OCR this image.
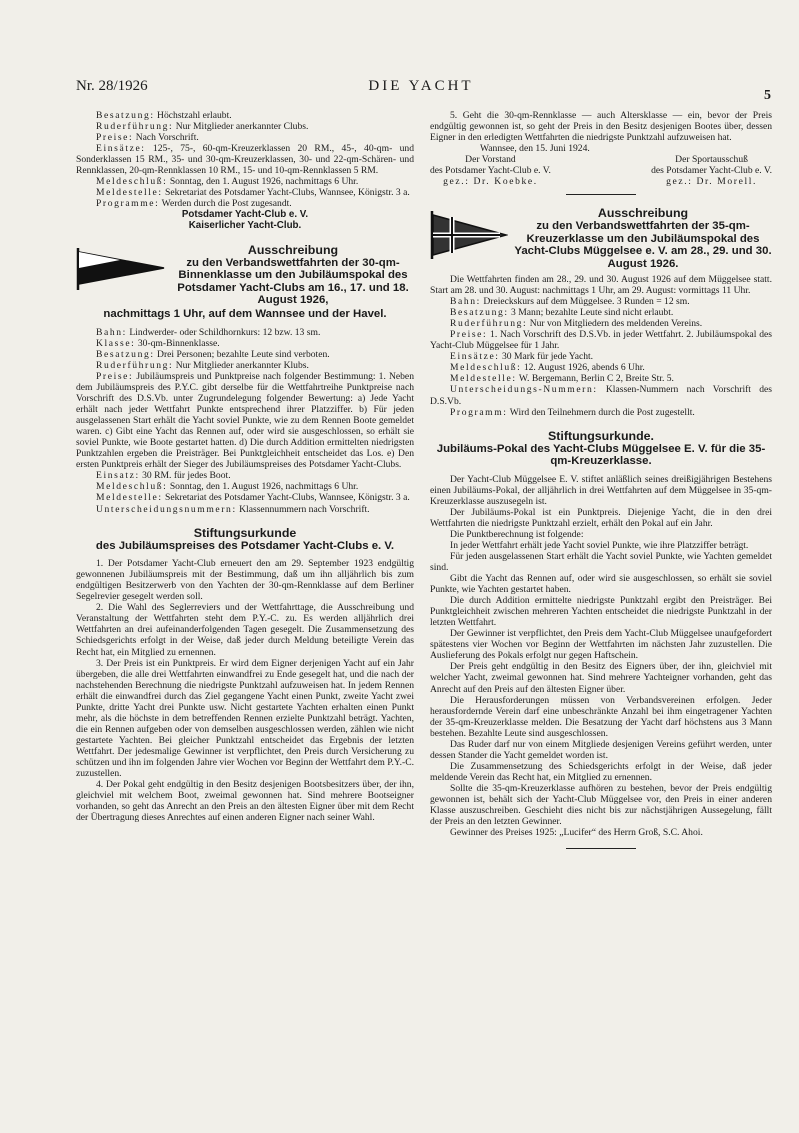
Nr. 28/1926	DIE YACHT
5

Besatzung: Höchstzahl erlaubt.

Ruderführung: Nur Mitglieder anerkannter Clubs.

Preise: Nach Vorschrift.

Einsätze: 125-, 75-, 60-qm-Kreuzerklassen 20 RM., 45-, 40-qm- und Sonderklassen 15 RM., 35- und 30-qm-Kreuzerklassen, 30- und 22-qm-Schären- und Rennklassen, 20-qm-Rennklassen 10 RM., 15- und 10-qm-Rennklassen 5 RM.

Meldeschluß: Sonntag, den 1. August 1926, nachmittags 6 Uhr.

Meldestelle: Sekretariat des Potsdamer Yacht-Clubs, Wannsee, Königstr. 3 a.

Programme: Werden durch die Post zugesandt.

Potsdamer Yacht-Club e. V.

Kaiserlicher Yacht-Club.

Ausschreibung

zu den Verbandswettfahrten der 30-qm-Binnenklasse um den Jubiläumspokal des Potsdamer Yacht-Clubs am 16., 17. und 18. August 1926,

nachmittags 1 Uhr, auf dem Wannsee und der Havel.

Bahn: Lindwerder- oder Schildhornkurs: 12 bzw. 13 sm.

Klasse: 30-qm-Binnenklasse.

Besatzung: Drei Personen; bezahlte Leute sind verboten.

Ruderführung: Nur Mitglieder anerkannter Klubs.

Preise: Jubiläumspreis und Punktpreise nach folgender Bestimmung: 1. Neben dem Jubiläumspreis des P.Y.C. gibt derselbe für die Wettfahrtreihe Punktpreise nach Vorschrift des D.S.Vb. unter Zugrundelegung folgender Bewertung: a) Jede Yacht erhält nach jeder Wettfahrt Punkte entsprechend ihrer Platzziffer. b) Für jeden ausgelassenen Start erhält die Yacht soviel Punkte, wie zu dem Rennen Boote gemeldet waren. c) Gibt eine Yacht das Rennen auf, oder wird sie ausgeschlossen, so erhält sie soviel Punkte, wie Boote gestartet hatten. d) Die durch Addition ermittelten niedrigsten Punktzahlen ergeben die Preisträger. Bei Punktgleichheit entscheidet das Los. e) Den ersten Punktpreis erhält der Sieger des Jubiläumspreises des Potsdamer Yacht-Clubs.

Einsatz: 30 RM. für jedes Boot.

Meldeschluß: Sonntag, den 1. August 1926, nachmittags 6 Uhr.

Meldestelle: Sekretariat des Potsdamer Yacht-Clubs, Wannsee, Königstr. 3 a.

Unterscheidungsnummern: Klassennummern nach Vorschrift.

Stiftungsurkunde

des Jubiläumspreises des Potsdamer Yacht-Clubs e. V.

1. Der Potsdamer Yacht-Club erneuert den am 29. September 1923 endgültig gewonnenen Jubiläumspreis mit der Bestimmung, daß um ihn alljährlich bis zum endgültigen Besitzerwerb von den Yachten der 30-qm-Rennklasse auf dem Berliner Segelrevier gesegelt werden soll.

2. Die Wahl des Seglerreviers und der Wettfahrttage, die Ausschreibung und Veranstaltung der Wettfahrten steht dem P.Y.-C. zu. Es werden alljährlich drei Wettfahrten an drei aufeinanderfolgenden Tagen gesegelt. Die Zusammensetzung des Schiedsgerichts erfolgt in der Weise, daß jeder durch Meldung beteiligte Verein das Recht hat, ein Mitglied zu ernennen.

3. Der Preis ist ein Punktpreis. Er wird dem Eigner derjenigen Yacht auf ein Jahr übergeben, die alle drei Wettfahrten einwandfrei zu Ende gesegelt hat, und die nach der nachstehenden Berechnung die niedrigste Punktzahl aufzuweisen hat. In jedem Rennen erhält die einwandfrei durch das Ziel gegangene Yacht einen Punkt, zweite Yacht zwei Punkte, dritte Yacht drei Punkte usw. Nicht gestartete Yachten erhalten einen Punkt mehr, als die höchste in dem betreffenden Rennen erzielte Punktzahl beträgt. Yachten, die ein Rennen aufgeben oder von demselben ausgeschlossen werden, zählen wie nicht gestartete Yachten. Bei gleicher Punktzahl entscheidet das Ergebnis der letzten Wettfahrt. Der jedesmalige Gewinner ist verpflichtet, den Preis durch Versicherung zu schützen und ihn im folgenden Jahre vier Wochen vor Beginn der Wettfahrt dem P.Y.-C. zuzustellen.

4. Der Pokal geht endgültig in den Besitz desjenigen Bootsbesitzers über, der ihn, gleichviel mit welchem Boot, zweimal gewonnen hat. Sind mehrere Bootseigner vorhanden, so geht das Anrecht an den Preis an den ältesten Eigner über mit dem Recht der Übertragung dieses Anrechtes auf einen anderen Eigner nach seiner Wahl.

5. Geht die 30-qm-Rennklasse — auch Altersklasse — ein, bevor der Preis endgültig gewonnen ist, so geht der Preis in den Besitz desjenigen Bootes über, dessen Eigner in den erledigten Wettfahrten die niedrigste Punktzahl aufzuweisen hat.

Wannsee, den 15. Juni 1924.

Der Vorstand
des Potsdamer Yacht-Club e. V.
gez.: Dr. Koebke.
Der Sportausschuß
des Potsdamer Yacht-Club e. V.
gez.: Dr. Morell.

Ausschreibung

zu den Verbandswettfahrten der 35-qm-Kreuzerklasse um den Jubiläumspokal des Yacht-Clubs Müggelsee e. V. am 28., 29. und 30. August 1926.

Die Wettfahrten finden am 28., 29. und 30. August 1926 auf dem Müggelsee statt. Start am 28. und 30. August: nachmittags 1 Uhr, am 29. August: vormittags 11 Uhr.

Bahn: Dreieckskurs auf dem Müggelsee. 3 Runden = 12 sm.

Besatzung: 3 Mann; bezahlte Leute sind nicht erlaubt.

Ruderführung: Nur von Mitgliedern des meldenden Vereins.

Preise: 1. Nach Vorschrift des D.S.Vb. in jeder Wettfahrt. 2. Jubiläumspokal des Yacht-Club Müggelsee für 1 Jahr.

Einsätze: 30 Mark für jede Yacht.

Meldeschluß: 12. August 1926, abends 6 Uhr.

Meldestelle: W. Bergemann, Berlin C 2, Breite Str. 5.

Unterscheidungs-Nummern: Klassen-Nummern nach Vorschrift des D.S.Vb.

Programm: Wird den Teilnehmern durch die Post zugestellt.

Stiftungsurkunde.

Jubiläums-Pokal des Yacht-Clubs Müggelsee E. V. für die 35-qm-Kreuzerklasse.

Der Yacht-Club Müggelsee E. V. stiftet anläßlich seines dreißigjährigen Bestehens einen Jubiläums-Pokal, der alljährlich in drei Wettfahrten auf dem Müggelsee in 35-qm-Kreuzerklasse auszusegeln ist.

Der Jubiläums-Pokal ist ein Punktpreis. Diejenige Yacht, die in den drei Wettfahrten die niedrigste Punktzahl erzielt, erhält den Pokal auf ein Jahr.

Die Punktberechnung ist folgende:

In jeder Wettfahrt erhält jede Yacht soviel Punkte, wie ihre Platzziffer beträgt.

Für jeden ausgelassenen Start erhält die Yacht soviel Punkte, wie Yachten gemeldet sind.

Gibt die Yacht das Rennen auf, oder wird sie ausgeschlossen, so erhält sie soviel Punkte, wie Yachten gestartet haben.

Die durch Addition ermittelte niedrigste Punktzahl ergibt den Preisträger. Bei Punktgleichheit zwischen mehreren Yachten entscheidet die niedrigste Punktzahl in der letzten Wettfahrt.

Der Gewinner ist verpflichtet, den Preis dem Yacht-Club Müggelsee unaufgefordert spätestens vier Wochen vor Beginn der Wettfahrten im nächsten Jahr zuzustellen. Die Auslieferung des Pokals erfolgt nur gegen Haftschein.

Der Preis geht endgültig in den Besitz des Eigners über, der ihn, gleichviel mit welcher Yacht, zweimal gewonnen hat. Sind mehrere Yachteigner vorhanden, geht das Anrecht auf den Preis auf den ältesten Eigner über.

Die Herausforderungen müssen von Verbandsvereinen erfolgen. Jeder herausfordernde Verein darf eine unbeschränkte Anzahl bei ihm eingetragener Yachten der 35-qm-Kreuzerklasse melden. Die Besatzung der Yacht darf höchstens aus 3 Mann bestehen. Bezahlte Leute sind ausgeschlossen.

Das Ruder darf nur von einem Mitgliede desjenigen Vereins geführt werden, unter dessen Stander die Yacht gemeldet worden ist.

Die Zusammensetzung des Schiedsgerichts erfolgt in der Weise, daß jeder meldende Verein das Recht hat, ein Mitglied zu ernennen.

Sollte die 35-qm-Kreuzerklasse aufhören zu bestehen, bevor der Preis endgültig gewonnen ist, behält sich der Yacht-Club Müggelsee vor, den Preis in einer anderen Klasse auszuschreiben. Geschieht dies nicht bis zur nächstjährigen Aussegelung, fällt der Preis an den letzten Gewinner.

Gewinner des Preises 1925: „Lucifer“ des Herrn Groß, S.C. Ahoi.
